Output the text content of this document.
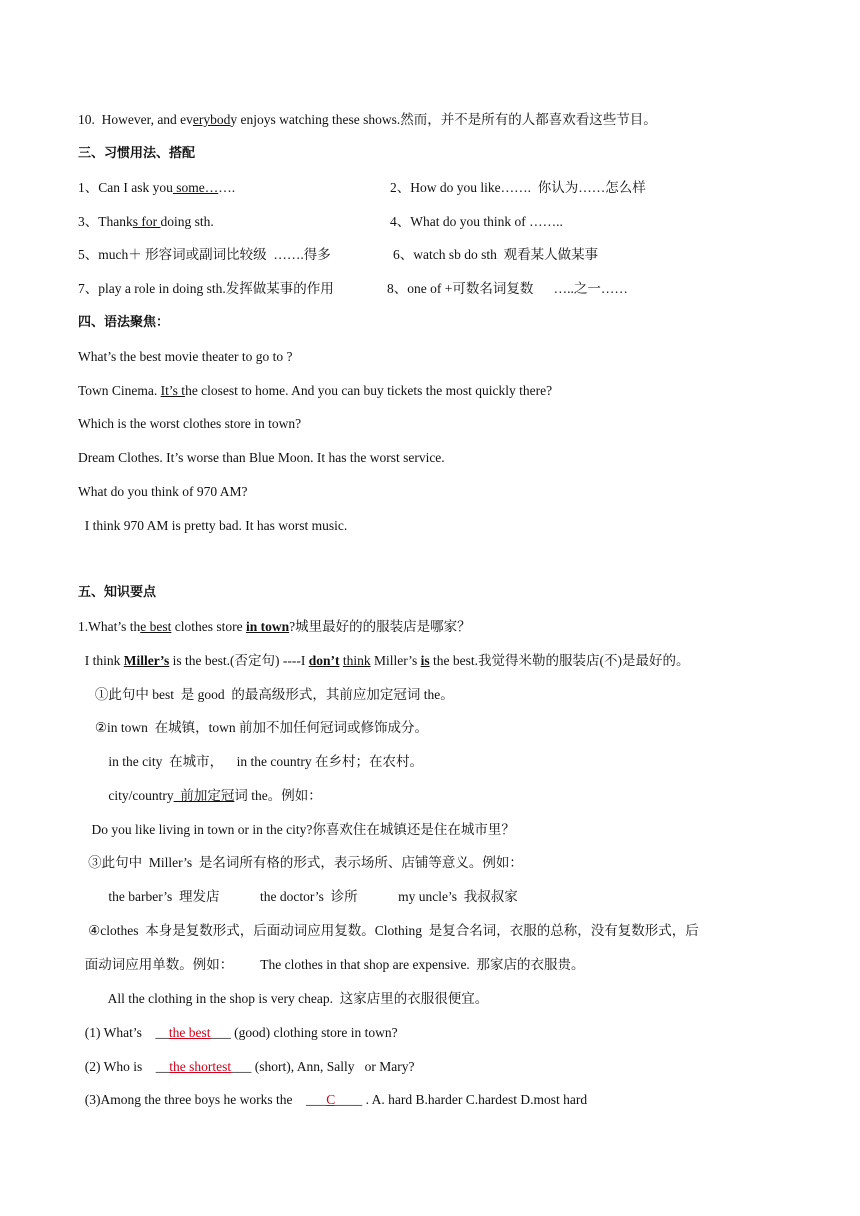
10.  However, and everybody enjoys watching these shows.然而，并不是所有的人都喜欢看这些节目。
三、习惯用法、搭配
1、Can I ask you some…….	2、How do you like…….  你认为……怎么样
3、Thanks for doing sth.	4、What do you think of ……..
5、much＋ 形容词或副词比较级  …….得多	6、watch sb do sth  观看某人做某事
7、play a role in doing sth.发挥做某事的作用	8、one of +可数名词复数      …..之一……
四、语法聚焦：
What’s the best movie theater to go to ?
Town Cinema. It’s the closest to home. And you can buy tickets the most quickly there?
Which is the worst clothes store in town?
Dream Clothes. It’s worse than Blue Moon. It has the worst service.
What do you think of 970 AM?
I think 970 AM is pretty bad. It has worst music.
五、知识要点
1.What’s the best clothes store in town?城里最好的的服装店是哪家？
I think Miller’s is the best.(否定句) ----I don’t think Miller’s is the best.我觉得米勒的服装店(不)是最好的。
①此句中 best  是 good  的最高级形式，其前应加定冠词 the。
②in town  在城镇，town 前加不加任何冠词或修饰成分。
in the city  在城市，    in the country 在乡村；在农村。
city/country  前加定冠词 the。例如：
Do you like living in town or in the city?你喜欢住在城镇还是住在城市里？
③此句中  Miller’s  是名词所有格的形式，表示场所、店铺等意义。例如：
the barber’s  理发店            the doctor’s  诊所            my uncle’s  我叔叔家
④clothes  本身是复数形式，后面动词应用复数。Clothing  是复合名词，衣服的总称，没有复数形式，后
面动词应用单数。例如：        The clothes in that shop are expensive.  那家店的衣服贵。
All the clothing in the shop is very cheap.  这家店里的衣服很便宜。
(1) What’s    __the best___ (good) clothing store in town?
(2) Who is    __the shortest___ (short), Ann, Sally   or Mary?
(3)Among the three boys he works the    ___C____ . A. hard B.harder C.hardest D.most hard
